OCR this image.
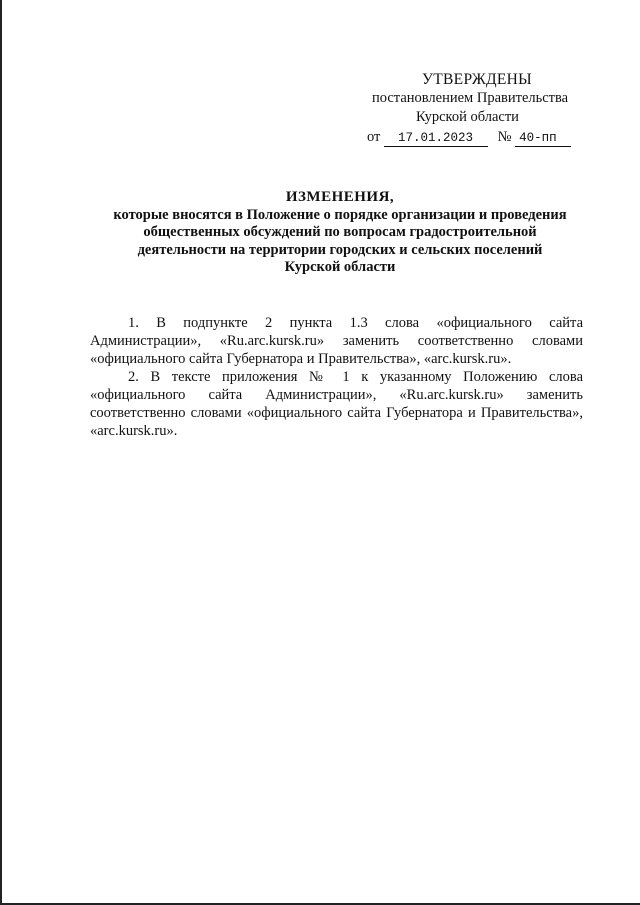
УТВЕРЖДЕНЫ
постановлением Правительства
Курской области
от 17.01.2023 № 40-пп
ИЗМЕНЕНИЯ,
которые вносятся в Положение о порядке организации и проведения
общественных обсуждений по вопросам градостроительной
деятельности на территории городских и сельских поселений
Курской области

1. В подпункте 2 пункта 1.3 слова «официального сайта Администрации», «Ru.arc.kursk.ru» заменить соответственно словами «официального сайта Губернатора и Правительства», «arc.kursk.ru».

2. В тексте приложения № 1 к указанному Положению слова «официального сайта Администрации», «Ru.arc.kursk.ru» заменить соответственно словами «официального сайта Губернатора и Правительства», «arc.kursk.ru».
